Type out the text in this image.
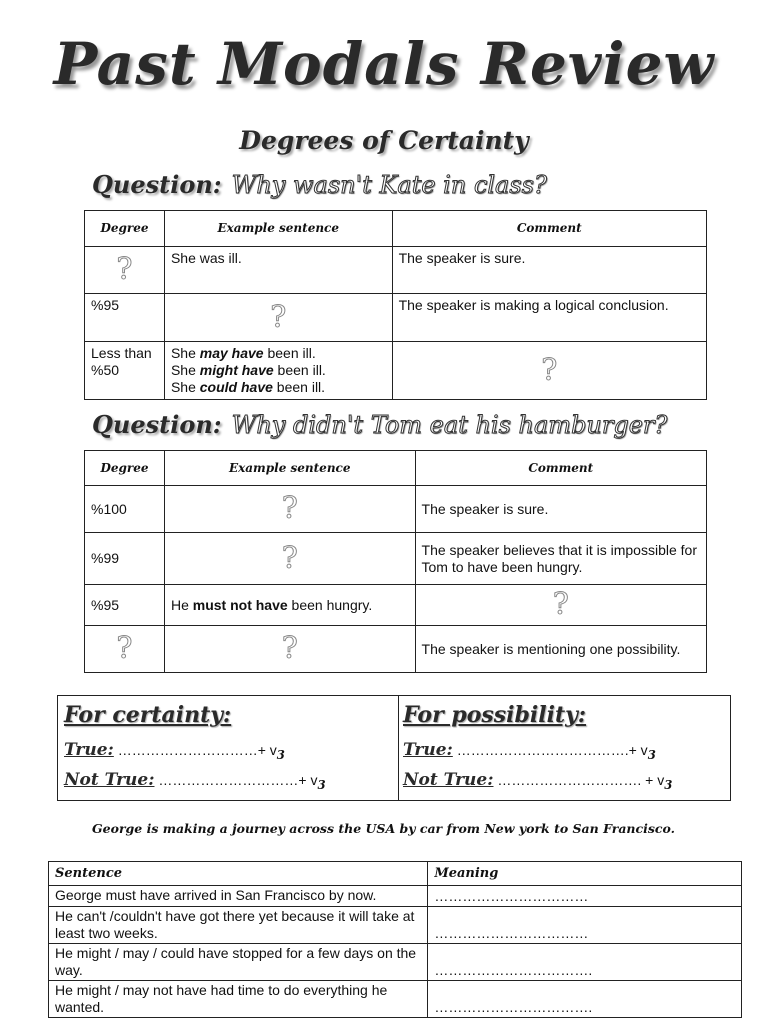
Past Modals Review
Degrees of Certainty
Question: Why wasn't Kate in class?
Degree	Example sentence	Comment

?	She was ill.	The speaker is sure.
%95	?	The speaker is making a logical conclusion.
Less than %50	She may have been ill.
She might have been ill.
She could have been ill.	?
Question: Why didn't Tom eat his hamburger?
Degree	Example sentence	Comment
%100	?	The speaker is sure.
%99	?	The speaker believes that it is impossible for Tom to have been hungry.
%95	He must not have been hungry.	?

?	?	The speaker is mentioning one possibility.
For certainty:
True: …………………………+ $v_3$
Not True: …………………………+ $v_3$
For possibility:
True: ……………………………….+ $v_3$
Not True: …………………………. + $v_3$
George is making a journey across the USA by car from New york to San Francisco.
Sentence	Meaning
George must have arrived in San Francisco by now.	……………………………
He can't /couldn't have got there yet because it will take at least two weeks.	……………………………
He might / may / could have stopped for a few days on the way.	…………………………….
He might / may not have had time to do everything he wanted.	…………………………….
